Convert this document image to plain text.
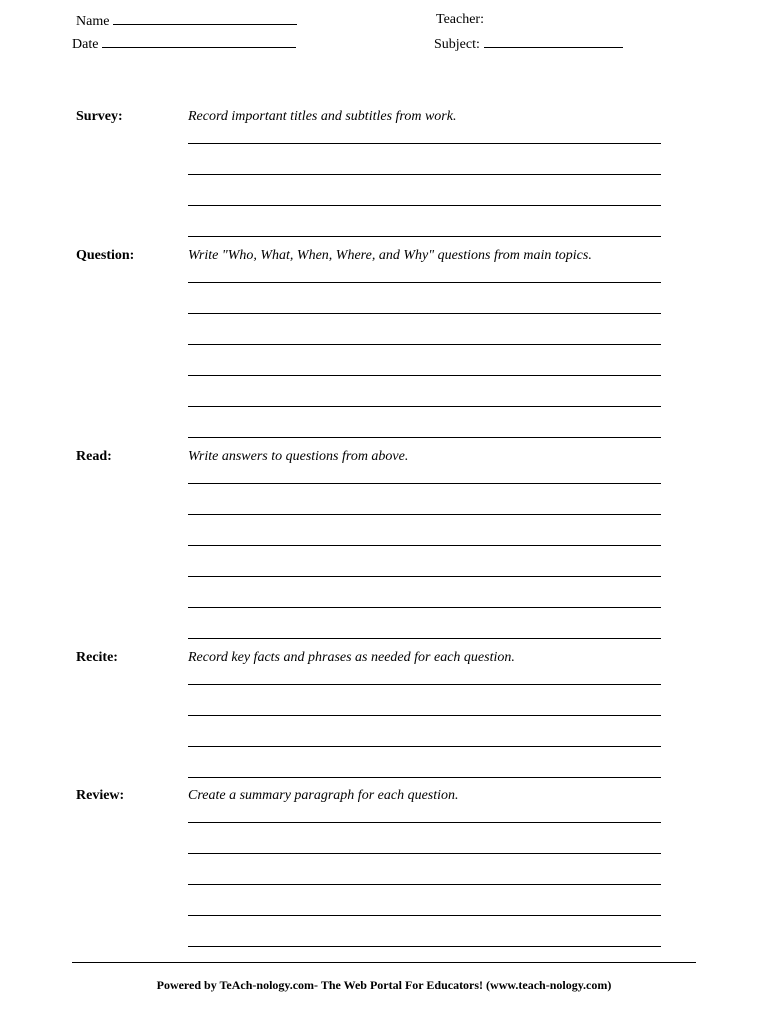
Name
Date
Teacher:
Subject:
Survey:	Record important titles and subtitles from work.
Question:	Write "Who, What, When, Where, and Why" questions from main topics.
Read:	Write answers to questions from above.
Recite:	Record key facts and phrases as needed for each question.
Review:	Create a summary paragraph for each question.
Powered by TeAch-nology.com- The Web Portal For Educators! (www.teach-nology.com)
